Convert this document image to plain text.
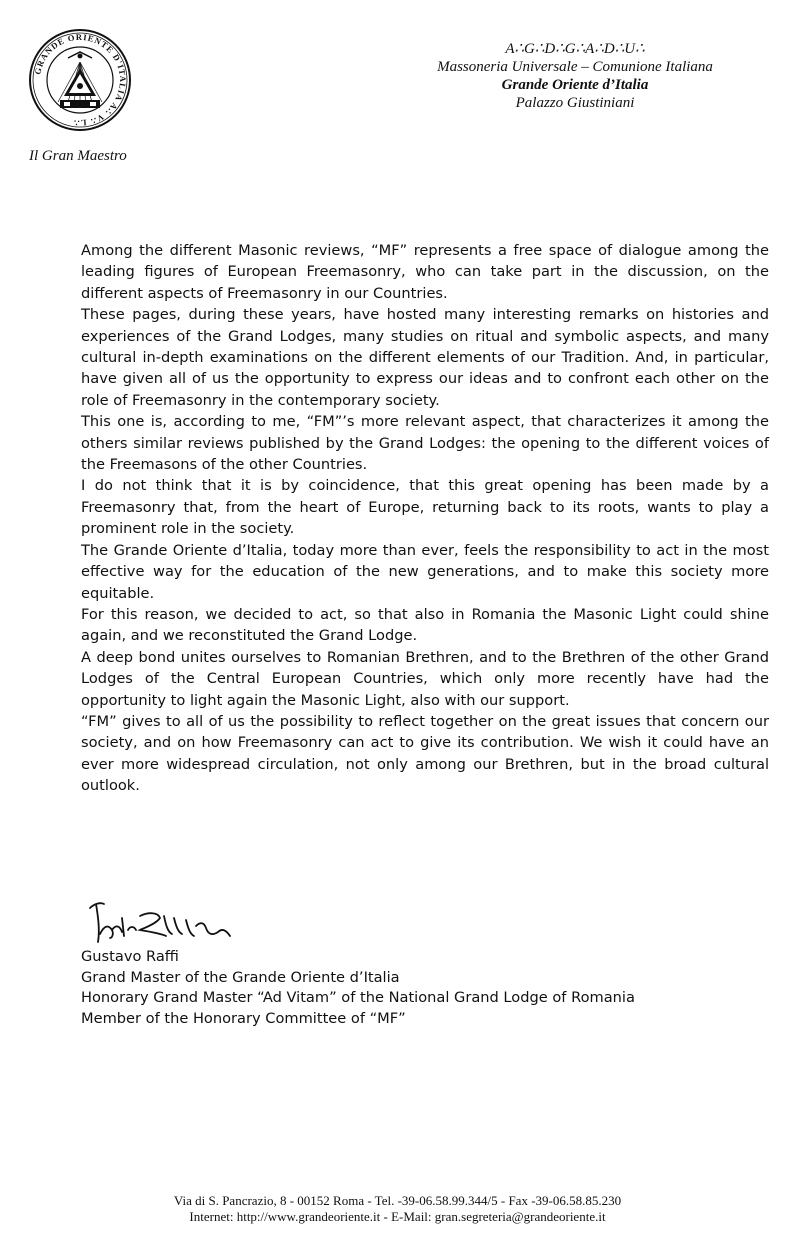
GRANDE ORIENTE D'ITALIA A∴ V∴ L∴
Il Gran Maestro
A∴G∴D∴G∴A∴D∴U∴
Massoneria Universale – Comunione Italiana
Grande Oriente d’Italia
Palazzo Giustiniani

Among the different Masonic reviews, “MF” represents a free space of dialogue among the leading figures of European Freemasonry, who can take part in the discussion, on the different aspects of Freemasonry in our Countries.

These pages, during these years, have hosted many interesting remarks on histories and experiences of the Grand Lodges, many studies on ritual and symbolic aspects, and many cultural in-depth examinations on the different elements of our Tradition. And, in particular, have given all of us the opportunity to express our ideas and to confront each other on the role of Freemasonry in the contemporary society.

This one is, according to me, “FM”’s more relevant aspect, that characterizes it among the others similar reviews published by the Grand Lodges: the opening to the different voices of the Freemasons of the other Countries.

I do not think that it is by coincidence, that this great opening has been made by a Freemasonry that, from the heart of Europe, returning back to its roots, wants to play a prominent role in the society.

The Grande Oriente d’Italia, today more than ever, feels the responsibility to act in the most effective way for the education of the new generations, and to make this society more equitable.

For this reason, we decided to act, so that also in Romania the Masonic Light could shine again, and we reconstituted the Grand Lodge.

A deep bond unites ourselves to Romanian Brethren, and to the Brethren of the other Grand Lodges of the Central European Countries, which only more recently have had the opportunity to light again the Masonic Light, also with our support.

“FM” gives to all of us the possibility to reflect together on the great issues that concern our society, and on how Freemasonry can act to give its contribution. We wish it could have an ever more widespread circulation, not only among our Brethren, but in the broad cultural outlook.

Gustavo Raffi
Grand Master of the Grande Oriente d’Italia
Honorary Grand Master “Ad Vitam” of the National Grand Lodge of Romania
Member of the Honorary Committee of “MF”
Via di S. Pancrazio, 8 - 00152 Roma - Tel. -39-06.58.99.344/5 - Fax -39-06.58.85.230
Internet: http://www.grandeoriente.it - E-Mail: gran.segreteria@grandeoriente.it
